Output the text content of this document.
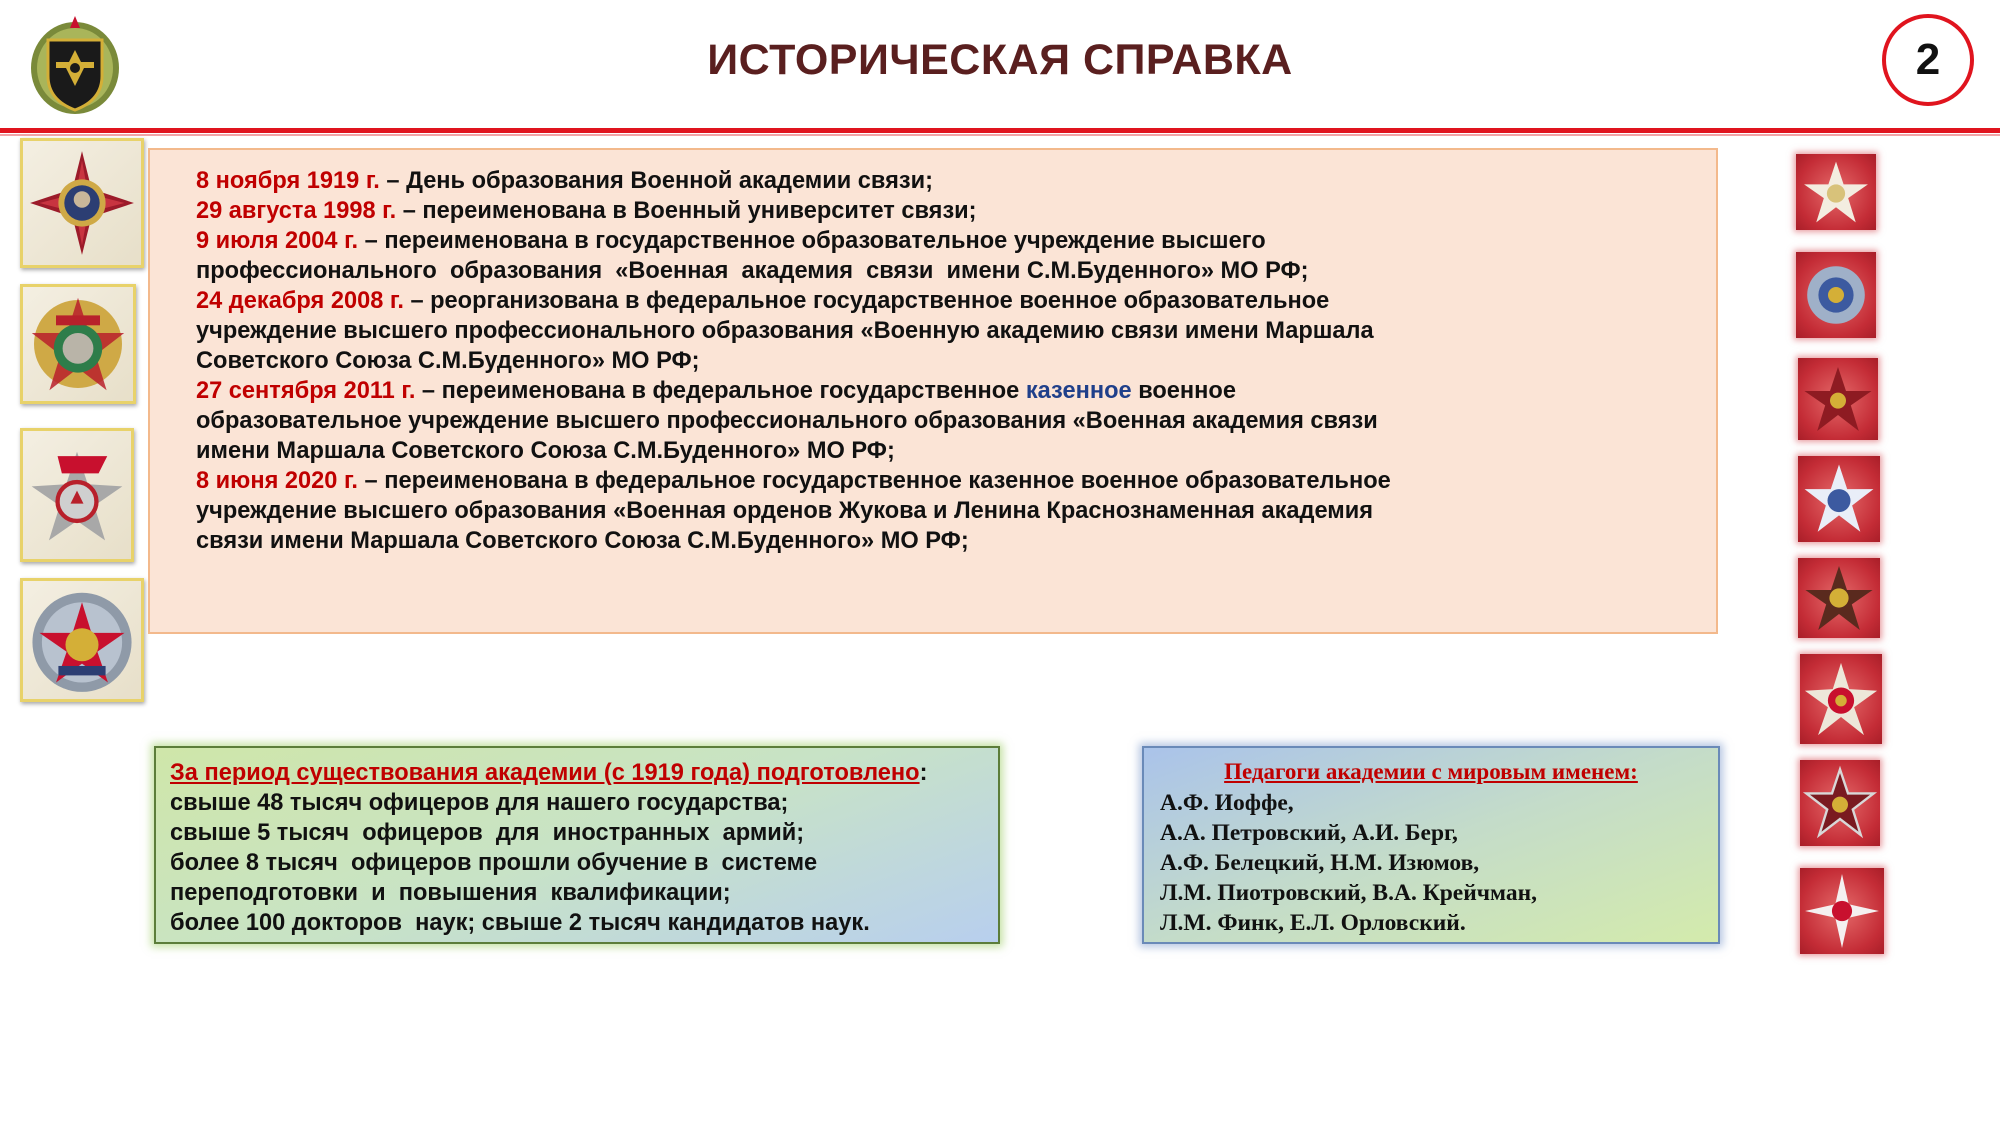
ИСТОРИЧЕСКАЯ СПРАВКА	2
8 ноября 1919 г. – День образования Военной академии связи;
29 августа 1998 г. – переименована в Военный университет связи;
9 июля 2004 г. – переименована в государственное образовательное учреждение высшего
профессионального  образования  «Военная  академия  связи  имени С.М.Буденного» МО РФ;
24 декабря 2008 г. – реорганизована в федеральное государственное военное образовательное
учреждение высшего профессионального образования «Военную академию связи имени Маршала
Советского Союза С.М.Буденного» МО РФ;
27 сентября 2011 г. – переименована в федеральное государственное казенное военное
образовательное учреждение высшего профессионального образования «Военная академия связи
имени Маршала Советского Союза С.М.Буденного» МО РФ;
8 июня 2020 г. – переименована в федеральное государственное казенное военное образовательное
учреждение высшего образования «Военная орденов Жукова и Ленина Краснознаменная академия
связи имени Маршала Советского Союза С.М.Буденного» МО РФ;
За период существования академии (с 1919 года) подготовлено:
свыше 48 тысяч офицеров для нашего государства;
свыше 5 тысяч  офицеров  для  иностранных  армий;
более 8 тысяч  офицеров прошли обучение в  системе
переподготовки  и  повышения  квалификации;
более 100 докторов  наук; свыше 2 тысяч кандидатов наук.
Педагоги академии с мировым именем:
А.Ф. Иоффе,
А.А. Петровский, А.И. Берг,
А.Ф. Белецкий, Н.М. Изюмов,
Л.М. Пиотровский, В.А. Крейчман,
Л.М. Финк, Е.Л. Орловский.
